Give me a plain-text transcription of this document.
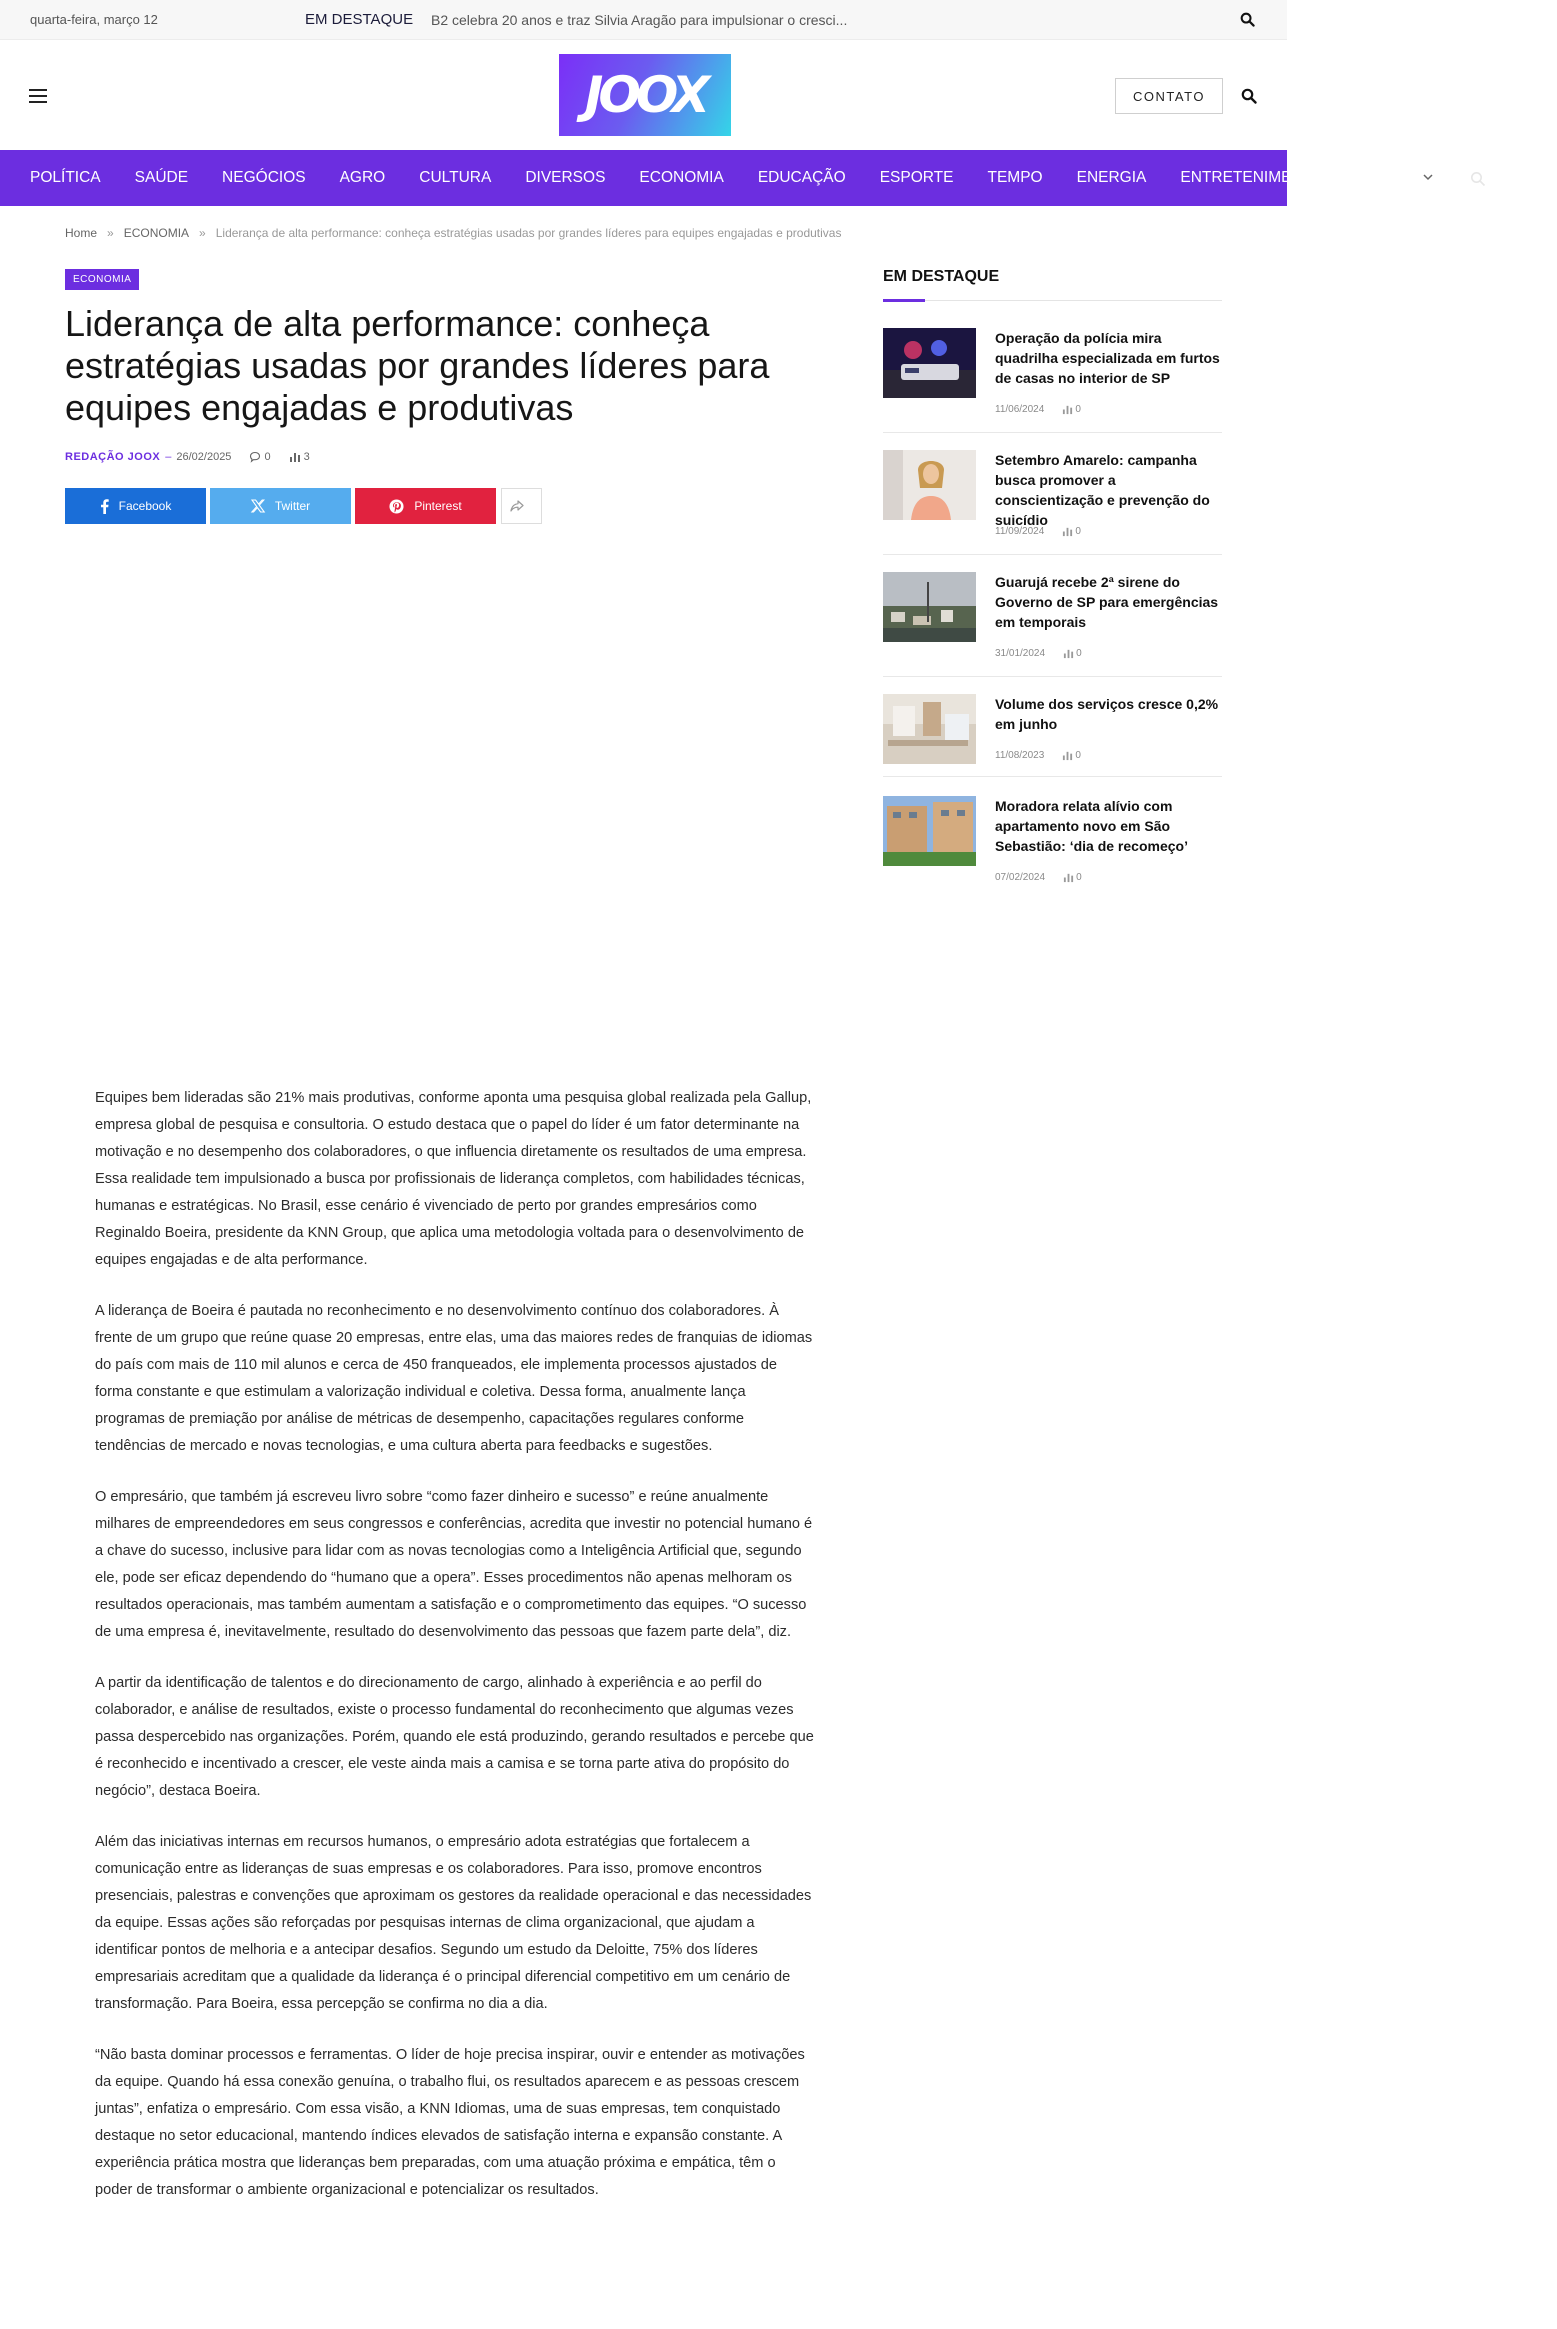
quarta-feira, março 12	EM DESTAQUE B2 celebra 20 anos e traz Silvia Aragão para impulsionar o cresci...
JOOX	CONTATO
POLÍTICA SAÚDE NEGÓCIOS AGRO CULTURA DIVERSOS ECONOMIA EDUCAÇÃO ESPORTE TEMPO ENERGIA ENTRETENIMENTO
Home » ECONOMIA » Liderança de alta performance: conheça estratégias usadas por grandes líderes para equipes engajadas e produtivas
ECONOMIA
Liderança de alta performance: conheça estratégias usadas por grandes líderes para equipes engajadas e produtivas
REDAÇÃO JOOX – 26/02/2025	0	3
Facebook	Twitter	Pinterest

Equipes bem lideradas são 21% mais produtivas, conforme aponta uma pesquisa global realizada pela Gallup, empresa global de pesquisa e consultoria. O estudo destaca que o papel do líder é um fator determinante na motivação e no desempenho dos colaboradores, o que influencia diretamente os resultados de uma empresa. Essa realidade tem impulsionado a busca por profissionais de liderança completos, com habilidades técnicas, humanas e estratégicas. No Brasil, esse cenário é vivenciado de perto por grandes empresários como Reginaldo Boeira, presidente da KNN Group, que aplica uma metodologia voltada para o desenvolvimento de equipes engajadas e de alta performance.

A liderança de Boeira é pautada no reconhecimento e no desenvolvimento contínuo dos colaboradores. À frente de um grupo que reúne quase 20 empresas, entre elas, uma das maiores redes de franquias de idiomas do país com mais de 110 mil alunos e cerca de 450 franqueados, ele implementa processos ajustados de forma constante e que estimulam a valorização individual e coletiva. Dessa forma, anualmente lança programas de premiação por análise de métricas de desempenho, capacitações regulares conforme tendências de mercado e novas tecnologias, e uma cultura aberta para feedbacks e sugestões.

O empresário, que também já escreveu livro sobre “como fazer dinheiro e sucesso” e reúne anualmente milhares de empreendedores em seus congressos e conferências, acredita que investir no potencial humano é a chave do sucesso, inclusive para lidar com as novas tecnologias como a Inteligência Artificial que, segundo ele, pode ser eficaz dependendo do “humano que a opera”. Esses procedimentos não apenas melhoram os resultados operacionais, mas também aumentam a satisfação e o comprometimento das equipes. “O sucesso de uma empresa é, inevitavelmente, resultado do desenvolvimento das pessoas que fazem parte dela”, diz.

A partir da identificação de talentos e do direcionamento de cargo, alinhado à experiência e ao perfil do colaborador, e análise de resultados, existe o processo fundamental do reconhecimento que algumas vezes passa despercebido nas organizações. Porém, quando ele está produzindo, gerando resultados e percebe que é reconhecido e incentivado a crescer, ele veste ainda mais a camisa e se torna parte ativa do propósito do negócio”, destaca Boeira.

Além das iniciativas internas em recursos humanos, o empresário adota estratégias que fortalecem a comunicação entre as lideranças de suas empresas e os colaboradores. Para isso, promove encontros presenciais, palestras e convenções que aproximam os gestores da realidade operacional e das necessidades da equipe. Essas ações são reforçadas por pesquisas internas de clima organizacional, que ajudam a identificar pontos de melhoria e a antecipar desafios. Segundo um estudo da Deloitte, 75% dos líderes empresariais acreditam que a qualidade da liderança é o principal diferencial competitivo em um cenário de transformação. Para Boeira, essa percepção se confirma no dia a dia.

“Não basta dominar processos e ferramentas. O líder de hoje precisa inspirar, ouvir e entender as motivações da equipe. Quando há essa conexão genuína, o trabalho flui, os resultados aparecem e as pessoas crescem juntas”, enfatiza o empresário. Com essa visão, a KNN Idiomas, uma de suas empresas, tem conquistado destaque no setor educacional, mantendo índices elevados de satisfação interna e expansão constante. A experiência prática mostra que lideranças bem preparadas, com uma atuação próxima e empática, têm o poder de transformar o ambiente organizacional e potencializar os resultados.

EM DESTAQUE
Operação da polícia mira quadrilha especializada em furtos de casas no interior de SP
11/06/2024	0
Setembro Amarelo: campanha busca promover a conscientização e prevenção do suicídio
11/09/2024	0
Guarujá recebe 2ª sirene do Governo de SP para emergências em temporais
31/01/2024	0
Volume dos serviços cresce 0,2% em junho
11/08/2023	0
Moradora relata alívio com apartamento novo em São Sebastião: ‘dia de recomeço’
07/02/2024	0
